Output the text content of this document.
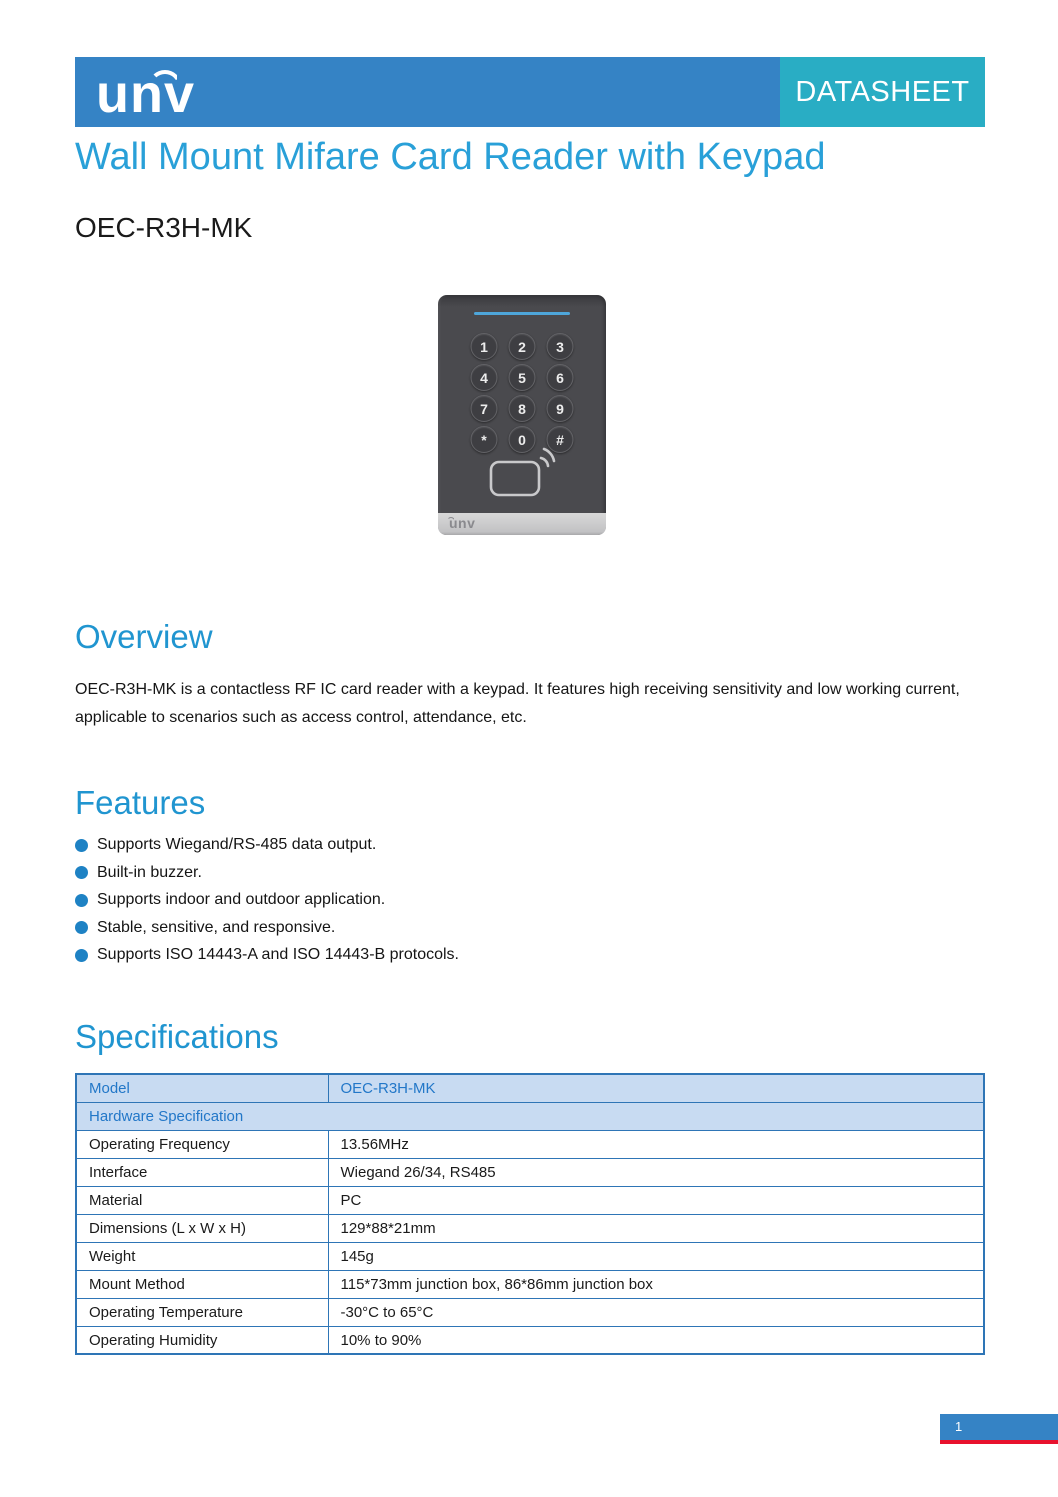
unv	DATASHEET
Wall Mount Mifare Card Reader with Keypad
OEC-R3H-MK
1	2	3
4	5	6
7	8	9
*	0	#
unv
Overview
OEC-R3H-MK is a contactless RF IC card reader with a keypad. It features high receiving sensitivity and low working current, applicable to scenarios such as access control, attendance, etc.
Features
Supports Wiegand/RS-485 data output.
Built-in buzzer.
Supports indoor and outdoor application.
Stable, sensitive, and responsive.
Supports ISO 14443-A and ISO 14443-B protocols.
Specifications
Model	OEC-R3H-MK
Hardware Specification	
Operating Frequency	13.56MHz
Interface	Wiegand 26/34, RS485
Material	PC
Dimensions (L x W x H)	129*88*21mm
Weight	145g
Mount Method	115*73mm junction box, 86*86mm junction box
Operating Temperature	-30°C to 65°C
Operating Humidity	10% to 90%
1
